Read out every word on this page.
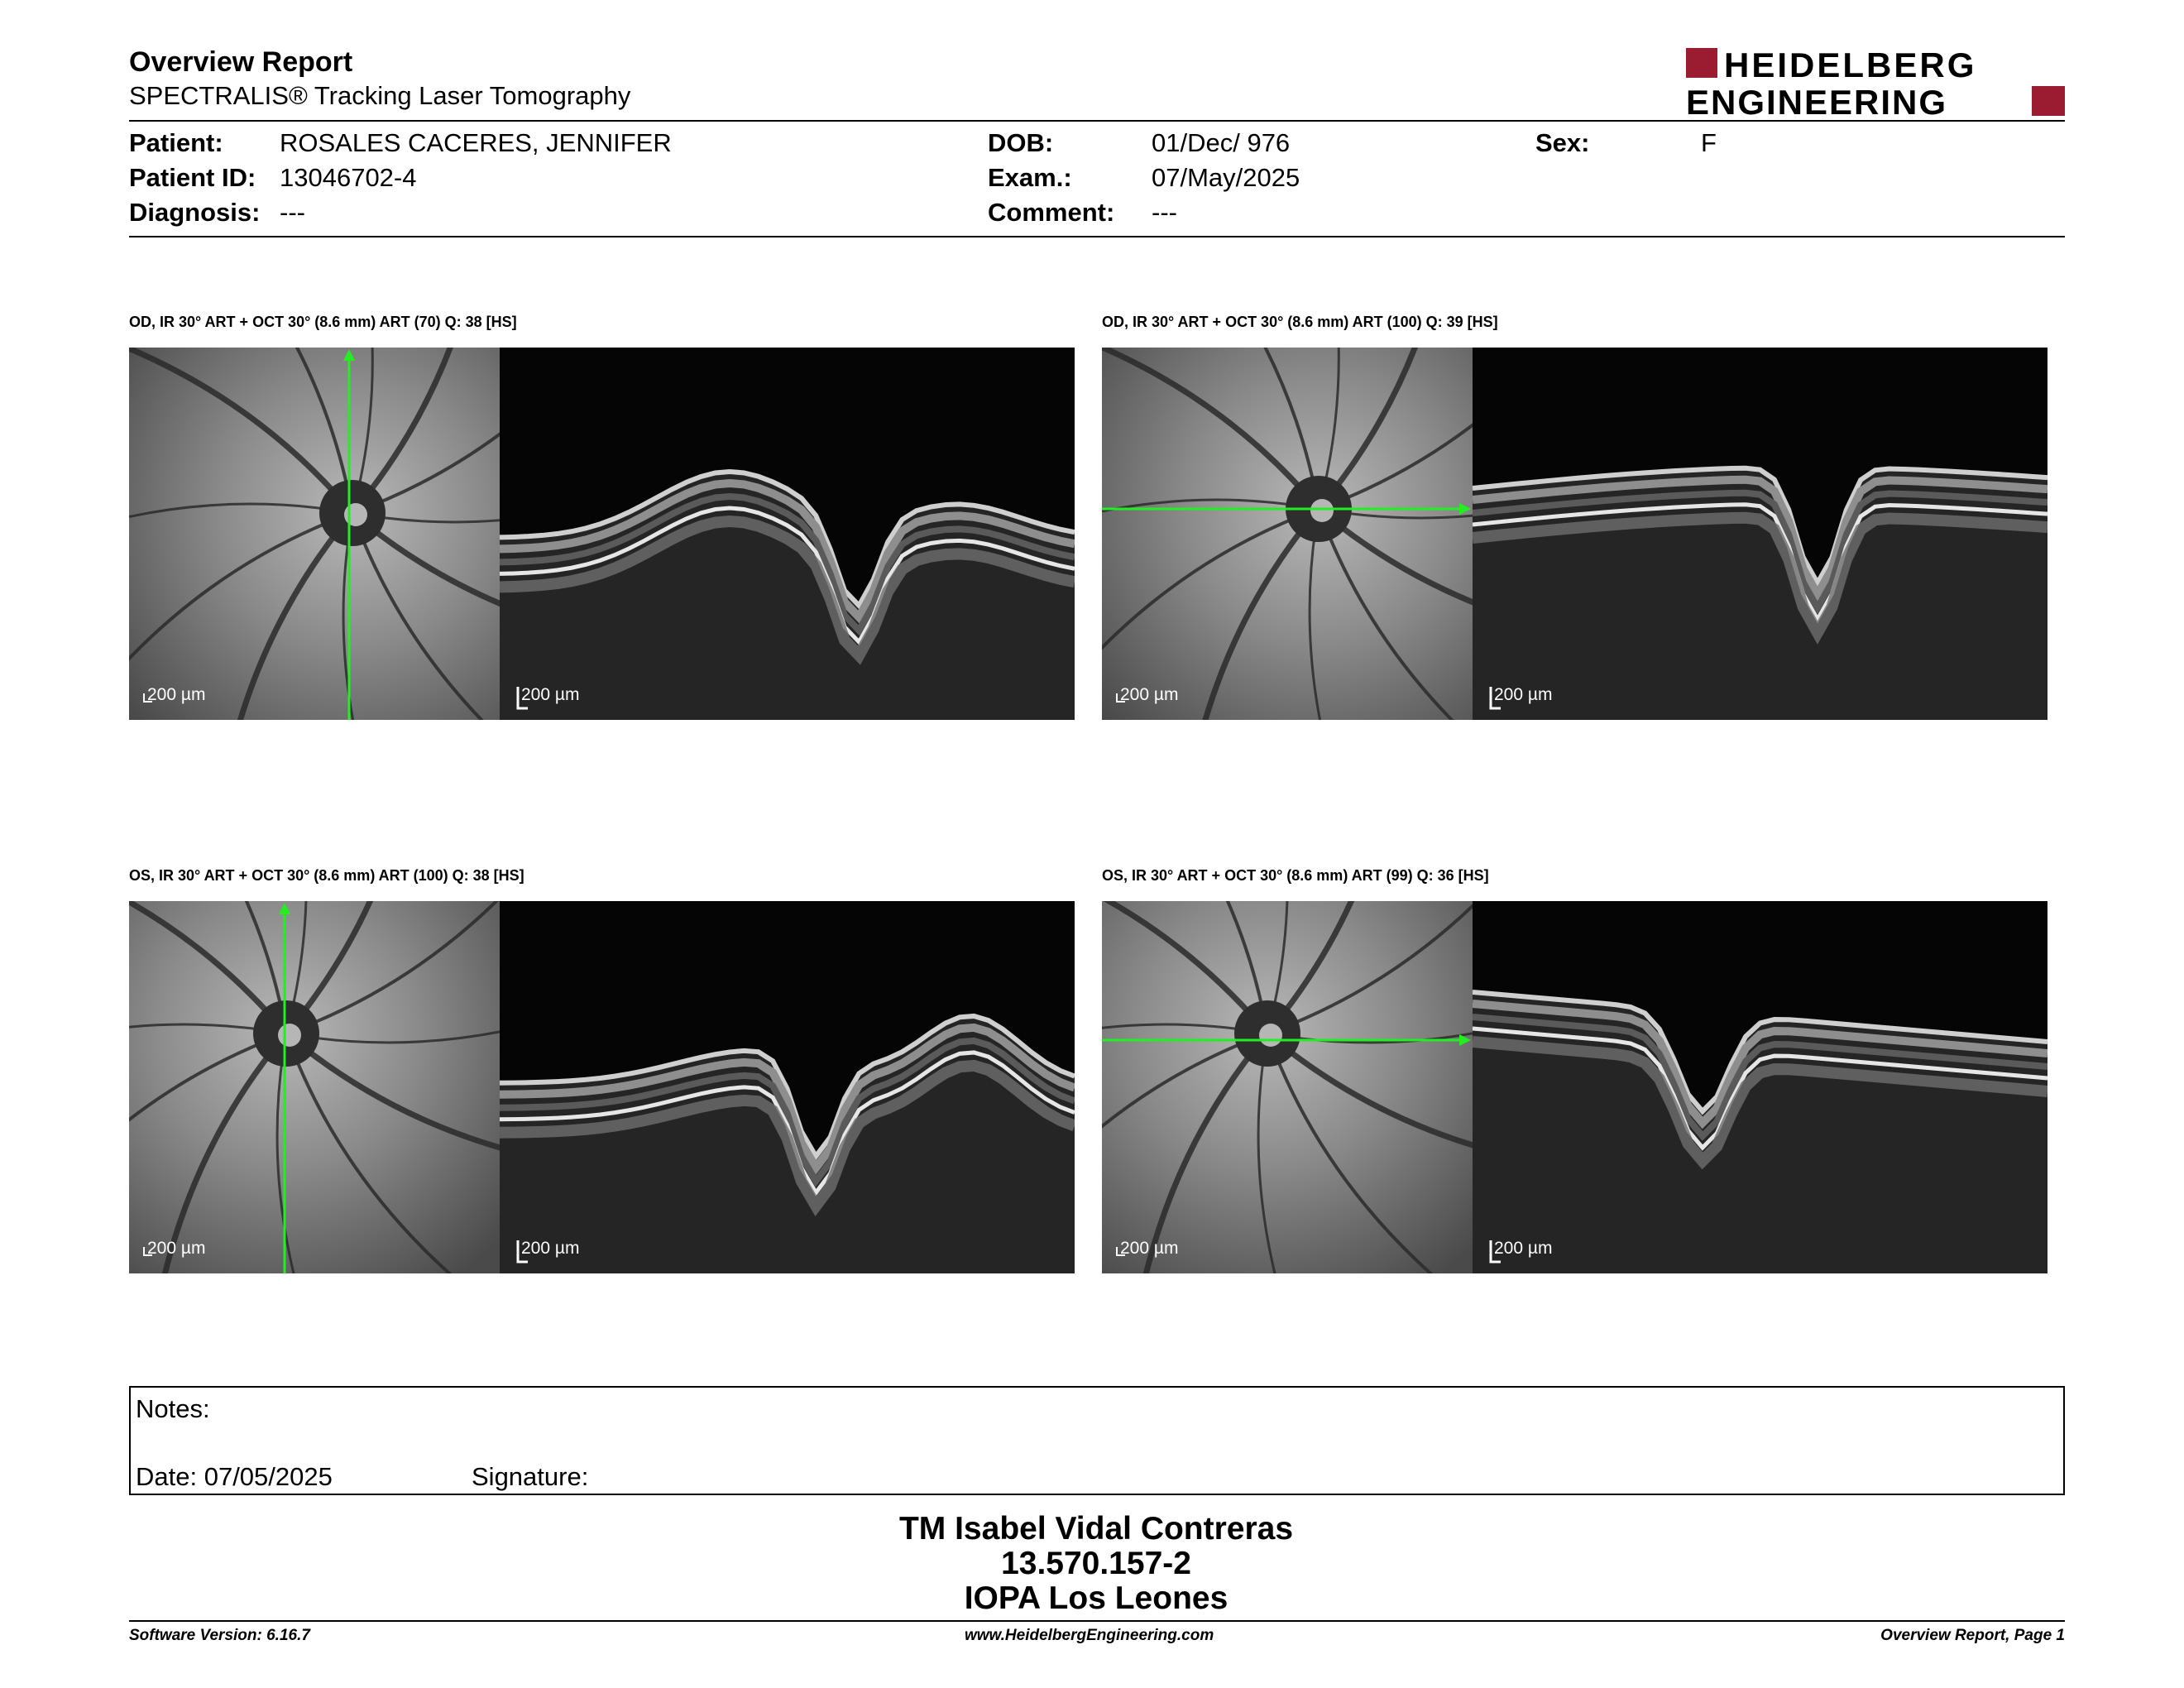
Overview Report
SPECTRALIS® Tracking Laser Tomography
HEIDELBERG
ENGINEERING
Patient: ROSALES CACERES, JENNIFER	DOB:	01/Dec/ 976	Sex:	F
Patient ID: 13046702-4	Exam.:	07/May/2025
Diagnosis: ---	Comment: ---
OD, IR 30° ART + OCT 30° (8.6 mm) ART (70) Q: 38 [HS]
200 µm	200 µm
OD, IR 30° ART + OCT 30° (8.6 mm) ART (100) Q: 39 [HS]
200 µm	200 µm
OS, IR 30° ART + OCT 30° (8.6 mm) ART (100) Q: 38 [HS]
200 µm	200 µm
OS, IR 30° ART + OCT 30° (8.6 mm) ART (99) Q: 36 [HS]
200 µm	200 µm
Notes:
Date: 07/05/2025	Signature:
TM Isabel Vidal Contreras
13.570.157-2
IOPA Los Leones
Software Version: 6.16.7	www.HeidelbergEngineering.com	Overview Report, Page 1
